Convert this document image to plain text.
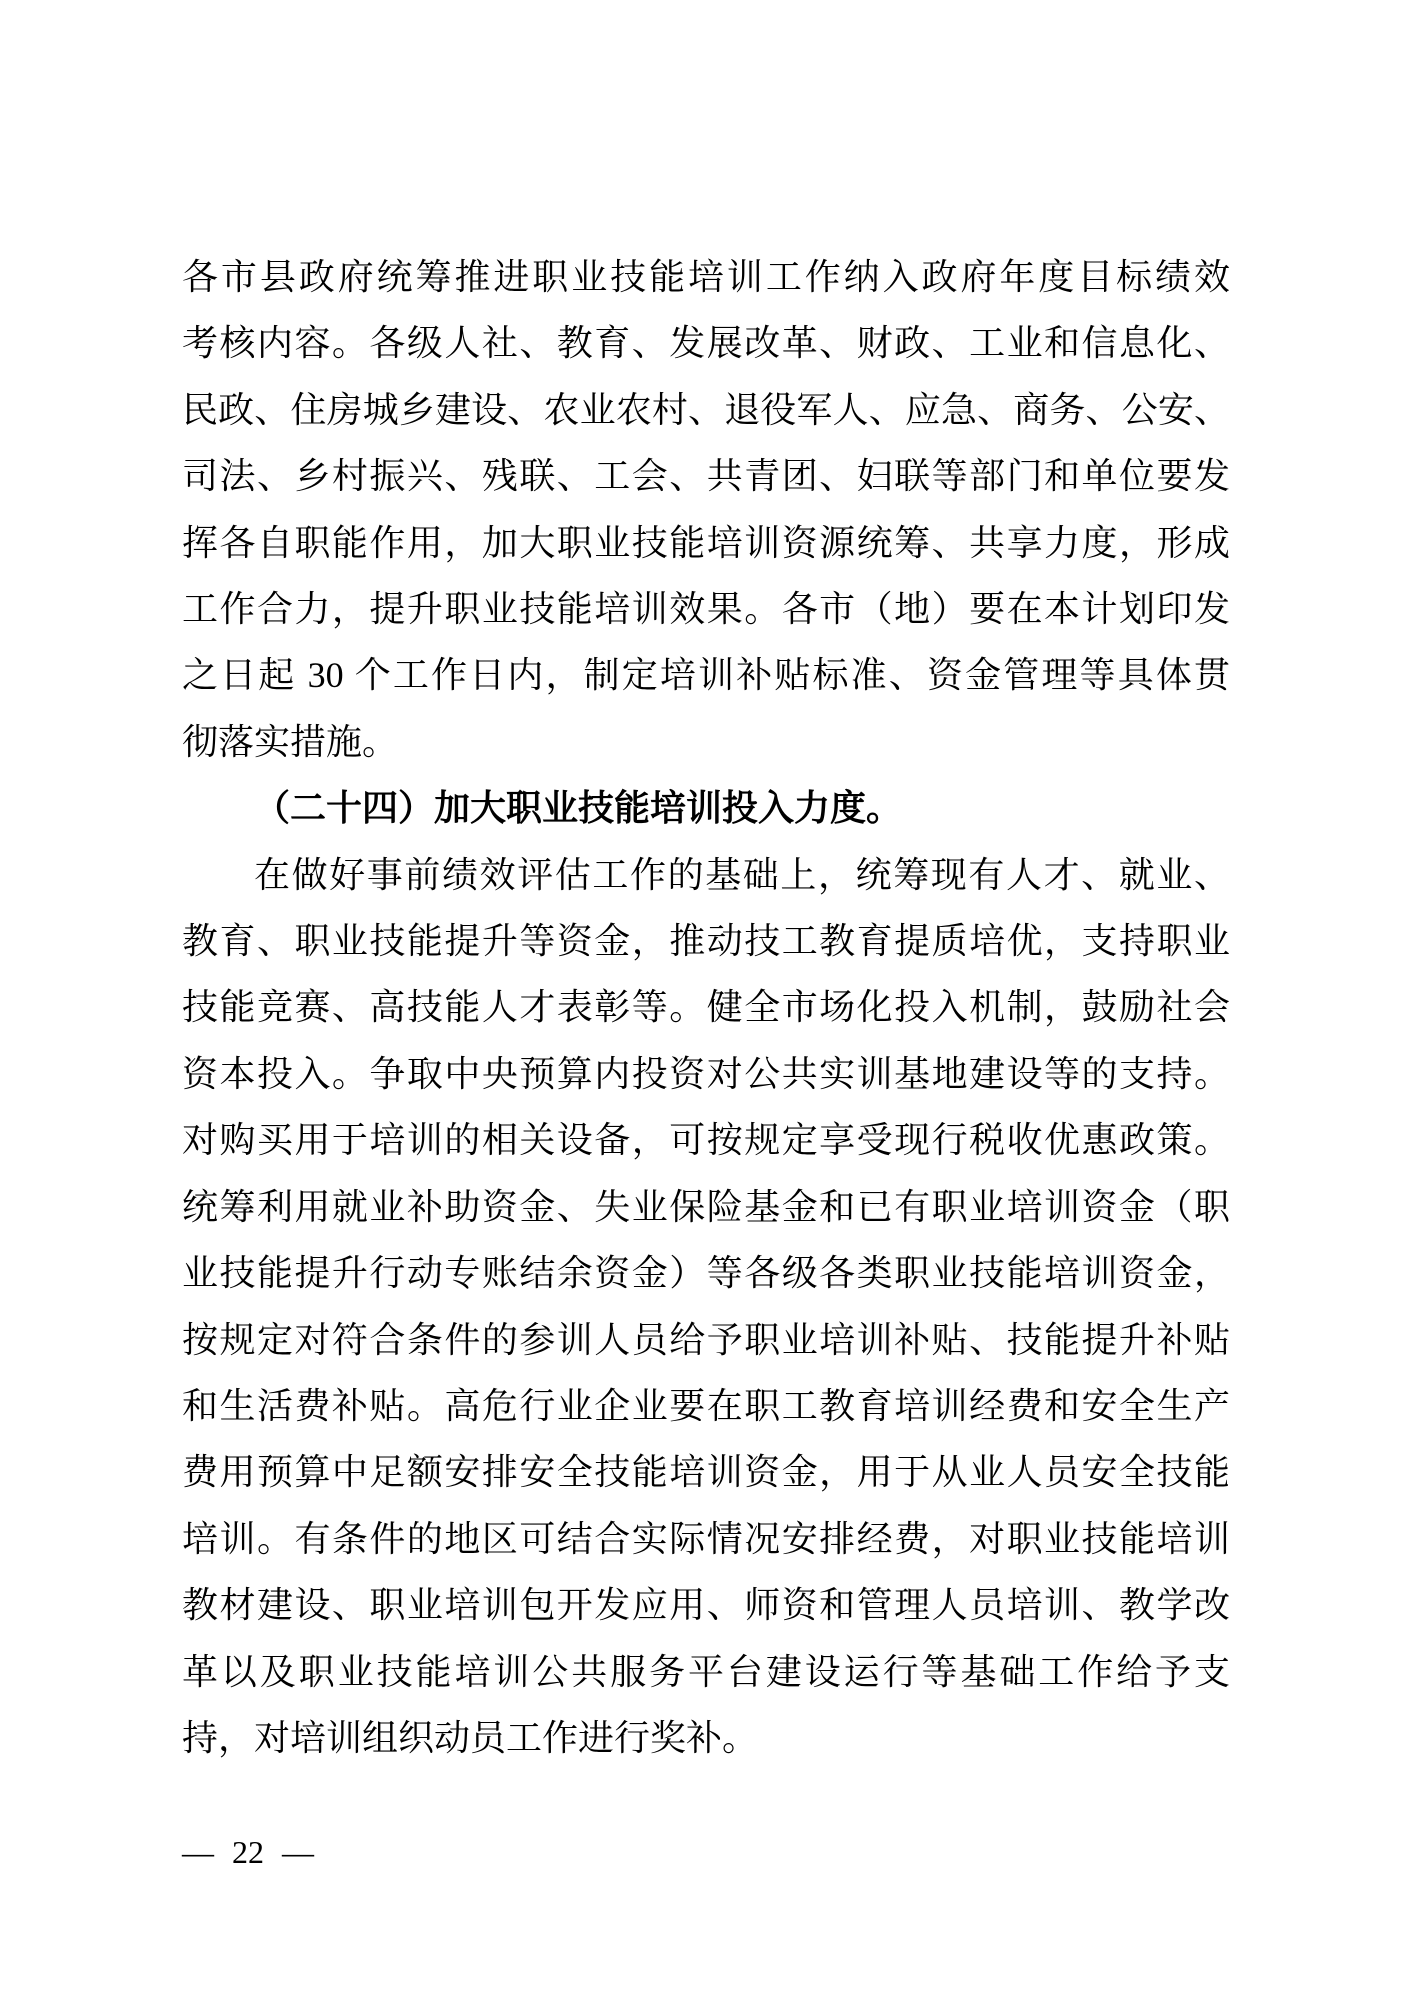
各市县政府统筹推进职业技能培训工作纳入政府年度目标绩效
考核内容。各级人社、教育、发展改革、财政、工业和信息化、
民政、住房城乡建设、农业农村、退役军人、应急、商务、公安、
司法、乡村振兴、残联、工会、共青团、妇联等部门和单位要发
挥各自职能作用，加大职业技能培训资源统筹、共享力度，形成
工作合力，提升职业技能培训效果。各市（地）要在本计划印发
之日起 30 个工作日内，制定培训补贴标准、资金管理等具体贯
彻落实措施。
（二十四）加大职业技能培训投入力度。
在做好事前绩效评估工作的基础上，统筹现有人才、就业、
教育、职业技能提升等资金，推动技工教育提质培优，支持职业
技能竞赛、高技能人才表彰等。健全市场化投入机制，鼓励社会
资本投入。争取中央预算内投资对公共实训基地建设等的支持。
对购买用于培训的相关设备，可按规定享受现行税收优惠政策。
统筹利用就业补助资金、失业保险基金和已有职业培训资金（职
业技能提升行动专账结余资金）等各级各类职业技能培训资金，
按规定对符合条件的参训人员给予职业培训补贴、技能提升补贴
和生活费补贴。高危行业企业要在职工教育培训经费和安全生产
费用预算中足额安排安全技能培训资金，用于从业人员安全技能
培训。有条件的地区可结合实际情况安排经费，对职业技能培训
教材建设、职业培训包开发应用、师资和管理人员培训、教学改
革以及职业技能培训公共服务平台建设运行等基础工作给予支
持，对培训组织动员工作进行奖补。
— 22 —
